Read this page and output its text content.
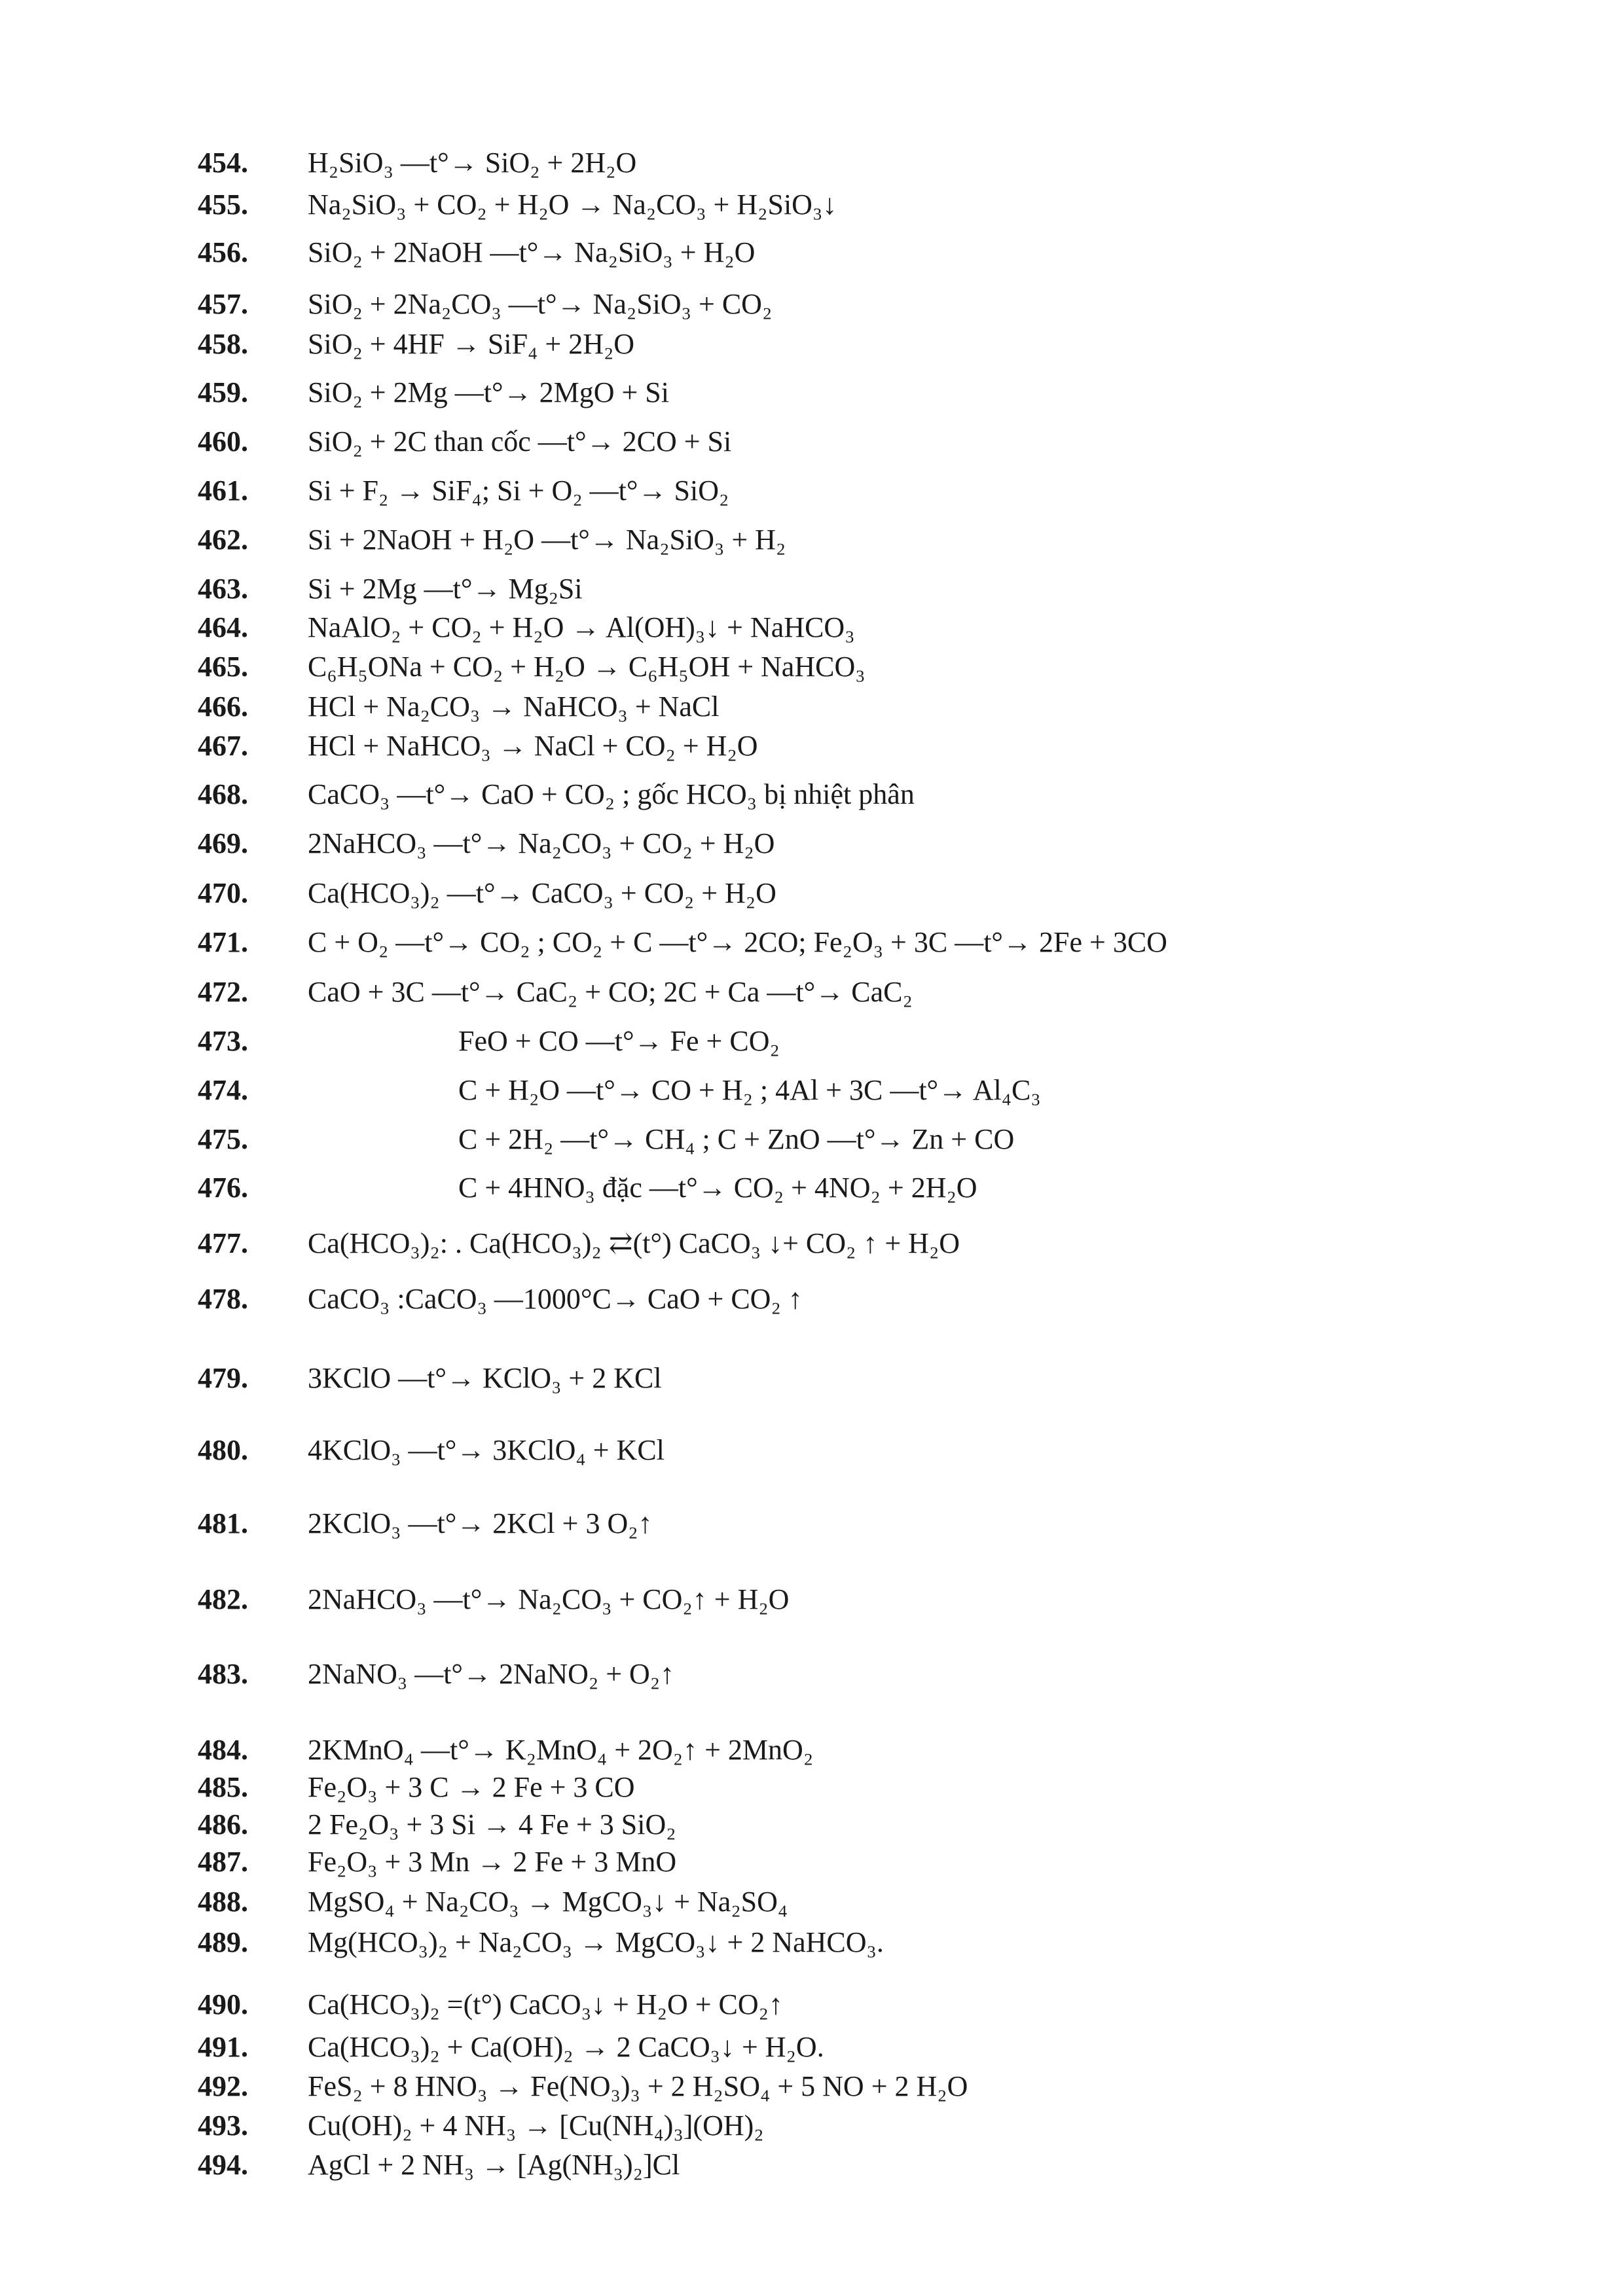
454. H₂SiO₃ —t°→ SiO₂ + 2H₂O
455. Na₂SiO₃ + CO₂ + H₂O → Na₂CO₃ + H₂SiO₃↓
456. SiO₂ + 2NaOH —t°→ Na₂SiO₃ + H₂O
457. SiO₂ + 2Na₂CO₃ —t°→ Na₂SiO₃ + CO₂
458. SiO₂ + 4HF → SiF₄ + 2H₂O
459. SiO₂ + 2Mg —t°→ 2MgO + Si
460. SiO₂ + 2C than cốc —t°→ 2CO + Si
461. Si + F₂ → SiF₄; Si + O₂ —t°→ SiO₂
462. Si + 2NaOH + H₂O —t°→ Na₂SiO₃ + H₂
463. Si + 2Mg —t°→ Mg₂Si
464. NaAlO₂ + CO₂ + H₂O → Al(OH)₃↓ + NaHCO₃
465. C₆H₅ONa + CO₂ + H₂O → C₆H₅OH + NaHCO₃
466. HCl + Na₂CO₃ → NaHCO₃ + NaCl
467. HCl + NaHCO₃ → NaCl + CO₂ + H₂O
468. CaCO₃ —t°→ CaO + CO₂ ; gốc HCO₃ bị nhiệt phân
469. 2NaHCO₃ —t°→ Na₂CO₃ + CO₂ + H₂O
470. Ca(HCO₃)₂ —t°→ CaCO₃ + CO₂ + H₂O
471. C + O₂ —t°→ CO₂ ; CO₂ + C —t°→ 2CO; Fe₂O₃ + 3C —t°→ 2Fe + 3CO
472. CaO + 3C —t°→ CaC₂ + CO; 2C + Ca —t°→ CaC₂
473.	FeO + CO —t°→ Fe + CO₂
474.	C + H₂O —t°→ CO + H₂ ; 4Al + 3C —t°→ Al₄C₃
475.	C + 2H₂ —t°→ CH₄ ; C + ZnO —t°→ Zn + CO
476.	C + 4HNO₃ đặc —t°→ CO₂ + 4NO₂ + 2H₂O
477. Ca(HCO₃)₂: . Ca(HCO₃)₂ ⇄(t°) CaCO₃ ↓+ CO₂ ↑ + H₂O
478. CaCO₃ :CaCO₃ —1000°C→ CaO + CO₂ ↑
479. 3KClO —t°→ KClO₃ + 2 KCl
480. 4KClO₃ —t°→ 3KClO₄ + KCl
481. 2KClO₃ —t°→ 2KCl + 3 O₂↑
482. 2NaHCO₃ —t°→ Na₂CO₃ + CO₂↑ + H₂O
483. 2NaNO₃ —t°→ 2NaNO₂ + O₂↑
484. 2KMnO₄ —t°→ K₂MnO₄ + 2O₂↑ + 2MnO₂
485. Fe₂O₃ + 3 C → 2 Fe + 3 CO
486. 2 Fe₂O₃ + 3 Si → 4 Fe + 3 SiO₂
487. Fe₂O₃ + 3 Mn → 2 Fe + 3 MnO
488. MgSO₄ + Na₂CO₃ → MgCO₃↓ + Na₂SO₄
489. Mg(HCO₃)₂ + Na₂CO₃ → MgCO₃↓ + 2 NaHCO₃.
490. Ca(HCO₃)₂ =(t°) CaCO₃↓ + H₂O + CO₂↑
491. Ca(HCO₃)₂ + Ca(OH)₂ → 2 CaCO₃↓ + H₂O.
492. FeS₂ + 8 HNO₃ → Fe(NO₃)₃ + 2 H₂SO₄ + 5 NO + 2 H₂O
493. Cu(OH)₂ + 4 NH₃ → [Cu(NH₄)₃](OH)₂
494. AgCl + 2 NH₃ → [Ag(NH₃)₂]Cl
